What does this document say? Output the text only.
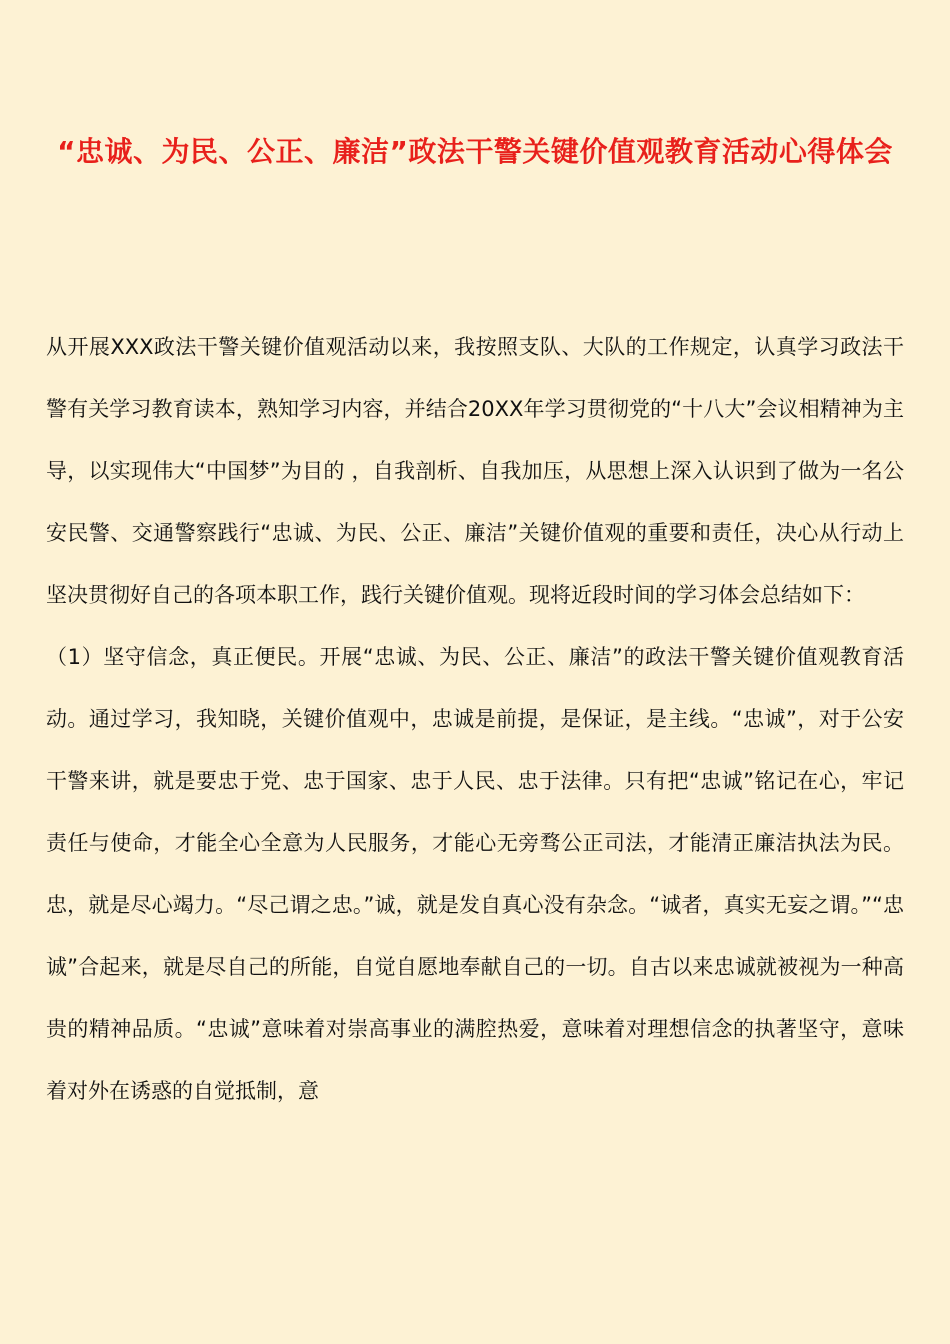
“忠诚、为民、公正、廉洁”政法干警关键价值观教育活动心得体会

从开展XXX政法干警关键价值观活动以来，我按照支队、大队的工作规定，认真学习政法干警有关学习教育读本，熟知学习内容，并结合20XX年学习贯彻党的“十八大”会议相精神为主导，以实现伟大“中国梦”为目的 ，自我剖析、自我加压，从思想上深入认识到了做为一名公安民警、交通警察践行“忠诚、为民、公正、廉洁”关键价值观的重要和责任，决心从行动上坚决贯彻好自己的各项本职工作，践行关键价值观。现将近段时间的学习体会总结如下：

（1）坚守信念，真正便民。开展“忠诚、为民、公正、廉洁”的政法干警关键价值观教育活动。通过学习，我知晓，关键价值观中，忠诚是前提，是保证，是主线。“忠诚”，对于公安干警来讲，就是要忠于党、忠于国家、忠于人民、忠于法律。只有把“忠诚”铭记在心，牢记责任与使命，才能全心全意为人民服务，才能心无旁骛公正司法，才能清正廉洁执法为民。忠，就是尽心竭力。“尽己谓之忠。”诚，就是发自真心没有杂念。“诚者，真实无妄之谓。”“忠诚”合起来，就是尽自己的所能，自觉自愿地奉献自己的一切。自古以来忠诚就被视为一种高贵的精神品质。“忠诚”意味着对崇高事业的满腔热爱，意味着对理想信念的执著坚守，意味着对外在诱惑的自觉抵制，意
